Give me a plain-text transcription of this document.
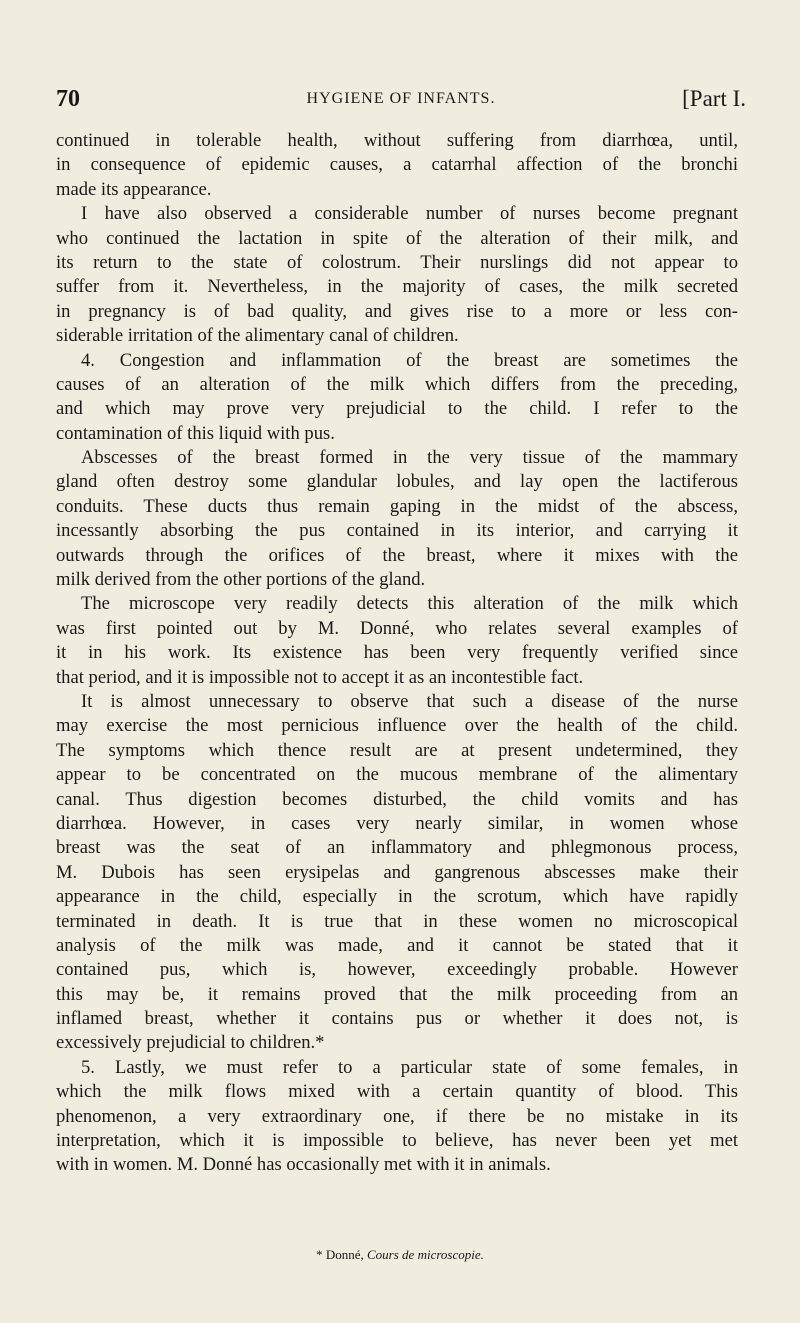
70	HYGIENE OF INFANTS.	[Part I.
continued in tolerable health, without suffering from diarrhœa, until,
in consequence of epidemic causes, a catarrhal affection of the bronchi
made its appearance.
I have also observed a considerable number of nurses become pregnant
who continued the lactation in spite of the alteration of their milk, and
its return to the state of colostrum. Their nurslings did not appear to
suffer from it. Nevertheless, in the majority of cases, the milk secreted
in pregnancy is of bad quality, and gives rise to a more or less con-
siderable irritation of the alimentary canal of children.
4. Congestion and inflammation of the breast are sometimes the
causes of an alteration of the milk which differs from the preceding,
and which may prove very prejudicial to the child. I refer to the
contamination of this liquid with pus.
Abscesses of the breast formed in the very tissue of the mammary
gland often destroy some glandular lobules, and lay open the lactiferous
conduits. These ducts thus remain gaping in the midst of the abscess,
incessantly absorbing the pus contained in its interior, and carrying it
outwards through the orifices of the breast, where it mixes with the
milk derived from the other portions of the gland.
The microscope very readily detects this alteration of the milk which
was first pointed out by M. Donné, who relates several examples of
it in his work. Its existence has been very frequently verified since
that period, and it is impossible not to accept it as an incontestible fact.
It is almost unnecessary to observe that such a disease of the nurse
may exercise the most pernicious influence over the health of the child.
The symptoms which thence result are at present undetermined, they
appear to be concentrated on the mucous membrane of the alimentary
canal. Thus digestion becomes disturbed, the child vomits and has
diarrhœa. However, in cases very nearly similar, in women whose
breast was the seat of an inflammatory and phlegmonous process,
M. Dubois has seen erysipelas and gangrenous abscesses make their
appearance in the child, especially in the scrotum, which have rapidly
terminated in death. It is true that in these women no microscopical
analysis of the milk was made, and it cannot be stated that it
contained pus, which is, however, exceedingly probable. However
this may be, it remains proved that the milk proceeding from an
inflamed breast, whether it contains pus or whether it does not, is
excessively prejudicial to children.*
5. Lastly, we must refer to a particular state of some females, in
which the milk flows mixed with a certain quantity of blood. This
phenomenon, a very extraordinary one, if there be no mistake in its
interpretation, which it is impossible to believe, has never been yet met
with in women. M. Donné has occasionally met with it in animals.
* Donné, Cours de microscopie.
